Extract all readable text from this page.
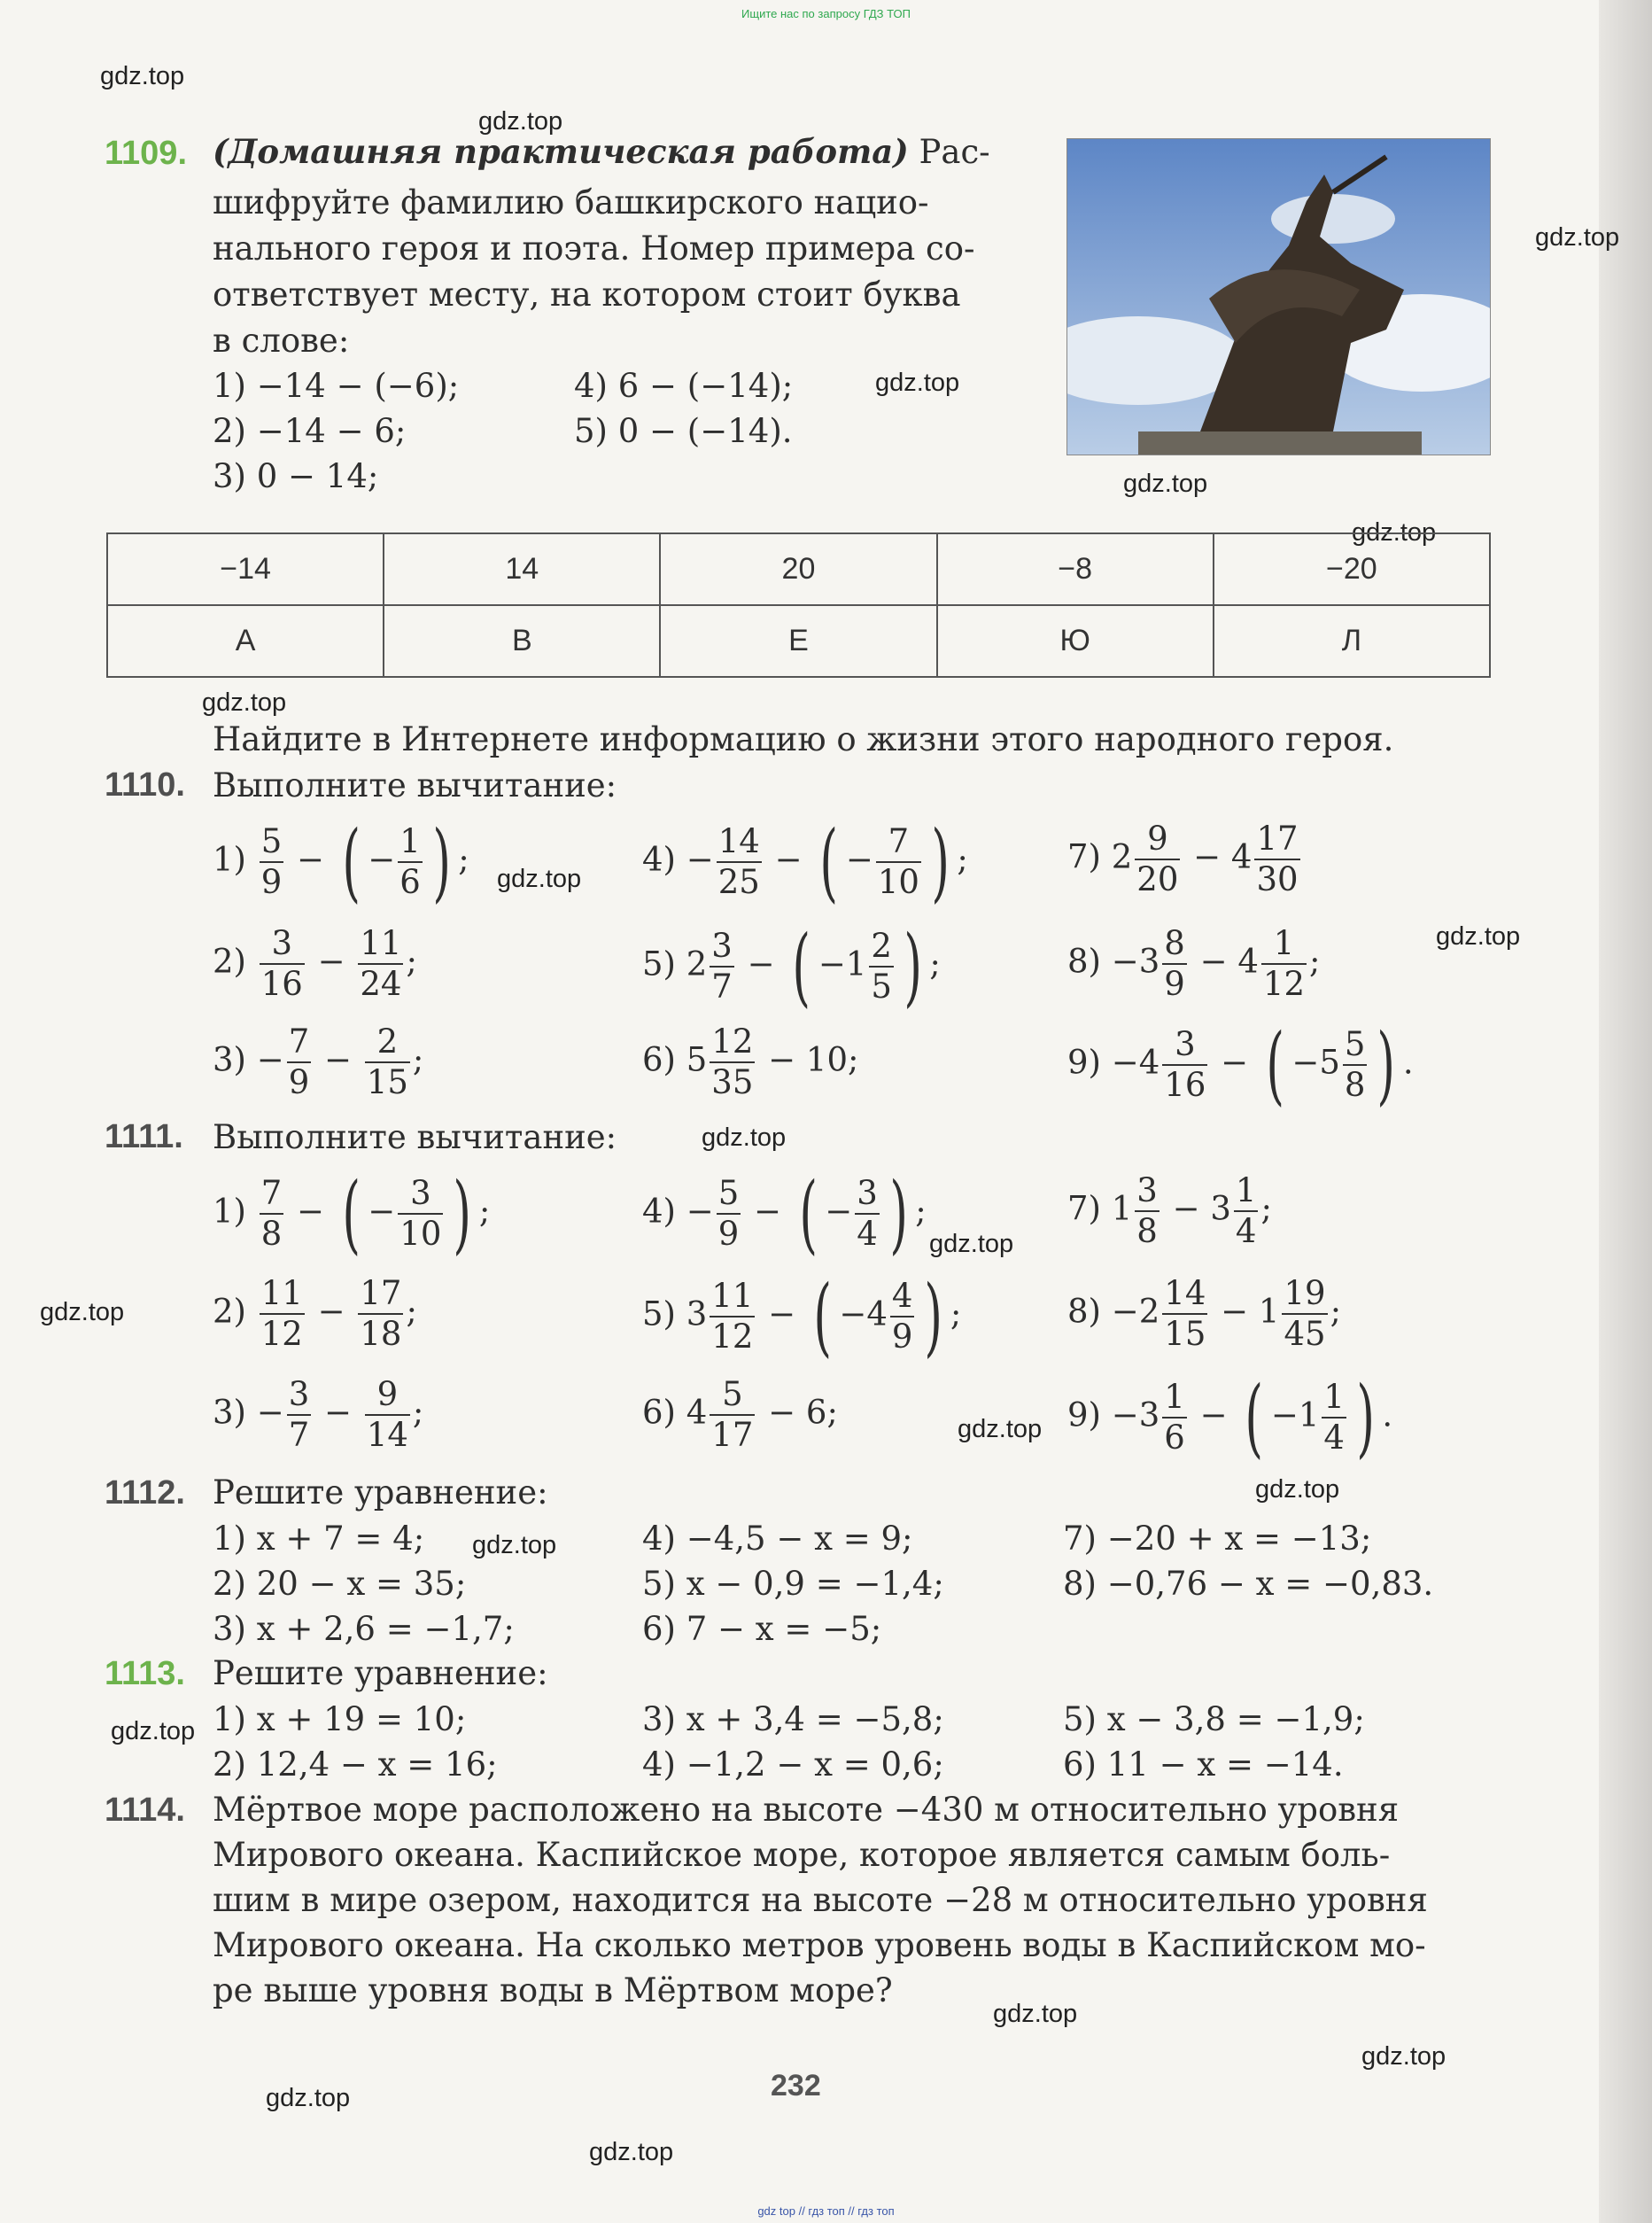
Ищите нас по запросу ГДЗ ТОП
gdz.top
gdz.top
gdz.top
gdz.top
gdz.top
gdz.top
gdz.top
gdz.top
gdz.top
gdz.top
gdz.top
gdz.top
gdz.top
gdz.top
gdz.top
gdz.top
gdz.top
gdz.top
gdz.top
gdz.top
1109. (Домашняя практическая работа) Рас-
шифруйте фамилию башкирского нацио-
нального героя и поэта. Номер примера со-
ответствует месту, на котором стоит буква
в слове:
1) −14 − (−6);	4) 6 − (−14);
2) −14 − 6;	5) 0 − (−14).
3) 0 − 14;
−14	14	20	−8	−20
А	В	Е	Ю	Л
Найдите в Интернете информацию о жизни этого народного героя.
1110. Выполните вычитание:
$1) \frac{5}{9}$ − ( − $\frac{1}{6}$ ) ;	$4) - \frac{14}{25}$ − ( − $\frac{7}{10}$ ) ;	7) $2 \frac{9}{20} - 4 \frac{17}{30}$
$2) \frac{3}{16} - \frac{11}{24}$ ;	5) $2 \frac{3}{7}$ − ( $-1 \frac{2}{5}$ ) ;	$8) -3 \frac{8}{9} - 4 \frac{1}{12}$ ;
$3) - \frac{7}{9} - \frac{2}{15}$ ;	6) $5 \frac{12}{35} - 10$;	$9) -4 \frac{3}{16}$ − ( $-5 \frac{5}{8}$ ) .
1111. Выполните вычитание:
$1) \frac{7}{8}$ − ( − $\frac{3}{10}$ ) ;	$4) - \frac{5}{9}$ − ( − $\frac{3}{4}$ ) ;	7) $1 \frac{3}{8} - 3 \frac{1}{4}$ ;
$2) \frac{11}{12} - \frac{17}{18}$ ;	5) $3 \frac{11}{12}$ − ( $-4 \frac{4}{9}$ ) ;	$8) -2 \frac{14}{15} - 1 \frac{19}{45}$ ;
$3) - \frac{3}{7} - \frac{9}{14}$ ;	6) $4 \frac{5}{17} - 6$;	$9) -3 \frac{1}{6}$ − ( $-1 \frac{1}{4}$ ) .
1112. Решите уравнение:
1) x + 7 = 4;	4) −4,5 − x = 9;	7) −20 + x = −13;
2) 20 − x = 35;	5) x − 0,9 = −1,4;	8) −0,76 − x = −0,83.
3) x + 2,6 = −1,7;	6) 7 − x = −5;
1113. Решите уравнение:
1) x + 19 = 10;	3) x + 3,4 = −5,8;	5) x − 3,8 = −1,9;
2) 12,4 − x = 16;	4) −1,2 − x = 0,6;	6) 11 − x = −14.
1114. Мёртвое море расположено на высоте −430 м относительно уровня
Мирового океана. Каспийское море, которое является самым боль-
шим в мире озером, находится на высоте −28 м относительно уровня
Мирового океана. На сколько метров уровень воды в Каспийском мо-
ре выше уровня воды в Мёртвом море?
232
gdz top // гдз топ // гдз топ
